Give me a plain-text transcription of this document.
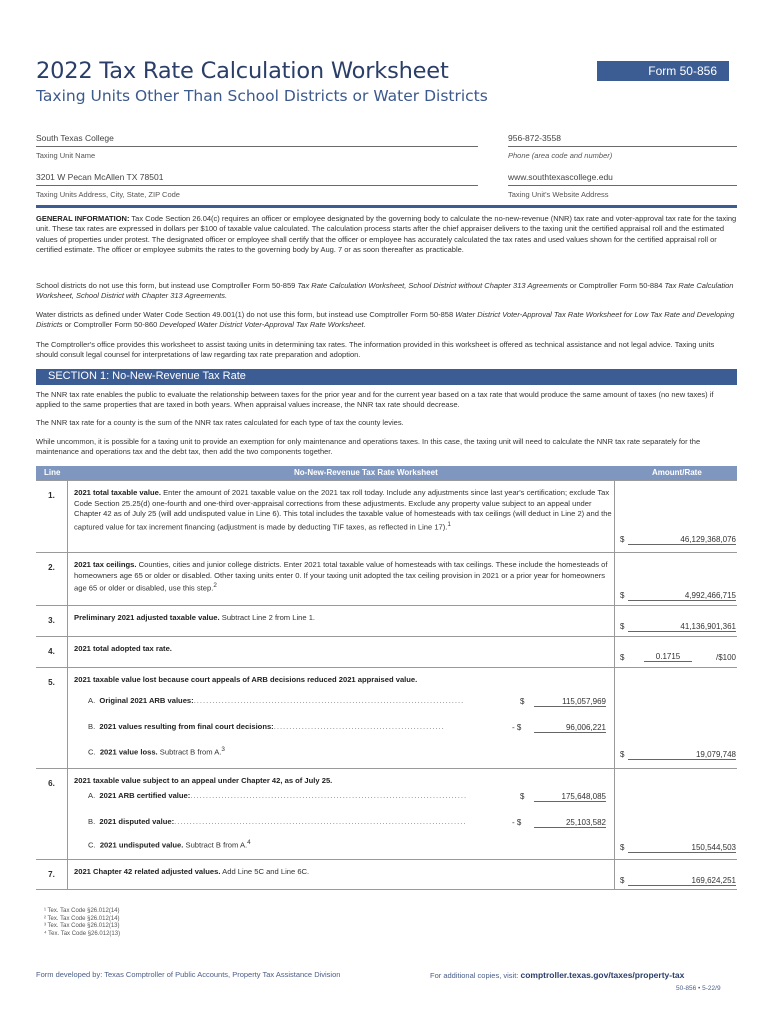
2022 Tax Rate Calculation Worksheet
Taxing Units Other Than School Districts or Water Districts
Form 50-856
South Texas College
Taxing Unit Name
956-872-3558
Phone (area code and number)
3201 W Pecan McAllen TX 78501
Taxing Units Address, City, State, ZIP Code
www.southtexascollege.edu
Taxing Unit's Website Address
GENERAL INFORMATION: Tax Code Section 26.04(c) requires an officer or employee designated by the governing body to calculate the no-new-revenue (NNR) tax rate and voter-approval tax rate for the taxing unit. These tax rates are expressed in dollars per $100 of taxable value calculated. The calculation process starts after the chief appraiser delivers to the taxing unit the certified appraisal roll and the estimated values of properties under protest. The designated officer or employee shall certify that the officer or employee has accurately calculated the tax rates and used values shown for the certified appraisal roll or certified estimate. The officer or employee submits the rates to the governing body by Aug. 7 or as soon thereafter as practicable.
School districts do not use this form, but instead use Comptroller Form 50-859 Tax Rate Calculation Worksheet, School District without Chapter 313 Agreements or Comptroller Form 50-884 Tax Rate Calculation Worksheet, School District with Chapter 313 Agreements.
Water districts as defined under Water Code Section 49.001(1) do not use this form, but instead use Comptroller Form 50-858 Water District Voter-Approval Tax Rate Worksheet for Low Tax Rate and Developing Districts or Comptroller Form 50-860 Developed Water District Voter-Approval Tax Rate Worksheet.
The Comptroller's office provides this worksheet to assist taxing units in determining tax rates. The information provided in this worksheet is offered as technical assistance and not legal advice. Taxing units should consult legal counsel for interpretations of law regarding tax rate preparation and adoption.
SECTION 1: No-New-Revenue Tax Rate
The NNR tax rate enables the public to evaluate the relationship between taxes for the prior year and for the current year based on a tax rate that would produce the same amount of taxes (no new taxes) if applied to the same properties that are taxed in both years. When appraisal values increase, the NNR tax rate should decrease.
The NNR tax rate for a county is the sum of the NNR tax rates calculated for each type of tax the county levies.
While uncommon, it is possible for a taxing unit to provide an exemption for only maintenance and operations taxes. In this case, the taxing unit will need to calculate the NNR tax rate separately for the maintenance and operations tax and the debt tax, then add the two components together.
Line	No-New-Revenue Tax Rate Worksheet	Amount/Rate
1.	2021 total taxable value. Enter the amount of 2021 taxable value on the 2021 tax roll today. Include any adjustments since last year's certification; exclude Tax Code Section 25.25(d) one-fourth and one-third over-appraisal corrections from these adjustments. Exclude any property value subject to an appeal under Chapter 42 as of July 25 (will add undisputed value in Line 6). This total includes the taxable value of homesteads with tax ceilings (will deduct in Line 2) and the captured value for tax increment financing (adjustment is made by deducting TIF taxes, as reflected in Line 17).$^1$
$	46,129,368,076
2.	2021 tax ceilings. Counties, cities and junior college districts. Enter 2021 total taxable value of homesteads with tax ceilings. These include the homesteads of homeowners age 65 or older or disabled. Other taxing units enter 0. If your taxing unit adopted the tax ceiling provision in 2021 or a prior year for homeowners age 65 or older or disabled, use this step.$^2$
$	4,992,466,715
3.	Preliminary 2021 adjusted taxable value. Subtract Line 2 from Line 1.
$	41,136,901,361
4.	2021 total adopted tax rate.
$	0.1715	/$100
5.	2021 taxable value lost because court appeals of ARB decisions reduced 2021 appraised value.
A. Original 2021 ARB values:.......................................................................................	$	115,057,969
B. 2021 values resulting from final court decisions:.......................................................	- $	96,006,221
C. 2021 value loss. Subtract B from A.$^3$
$	19,079,748
6.	2021 taxable value subject to an appeal under Chapter 42, as of July 25.
A. 2021 ARB certified value:.........................................................................................	$	175,648,085
B. 2021 disputed value:..............................................................................................	- $	25,103,582
C. 2021 undisputed value. Subtract B from A.$^4$
$	150,544,503
7.	2021 Chapter 42 related adjusted values. Add Line 5C and Line 6C.
$	169,624,251
¹ Tex. Tax Code §26.012(14)
² Tex. Tax Code §26.012(14)
³ Tex. Tax Code §26.012(13)
⁴ Tex. Tax Code §26.012(13)
Form developed by: Texas Comptroller of Public Accounts, Property Tax Assistance Division	For additional copies, visit: comptroller.texas.gov/taxes/property-tax
50-856 • 5-22/9
